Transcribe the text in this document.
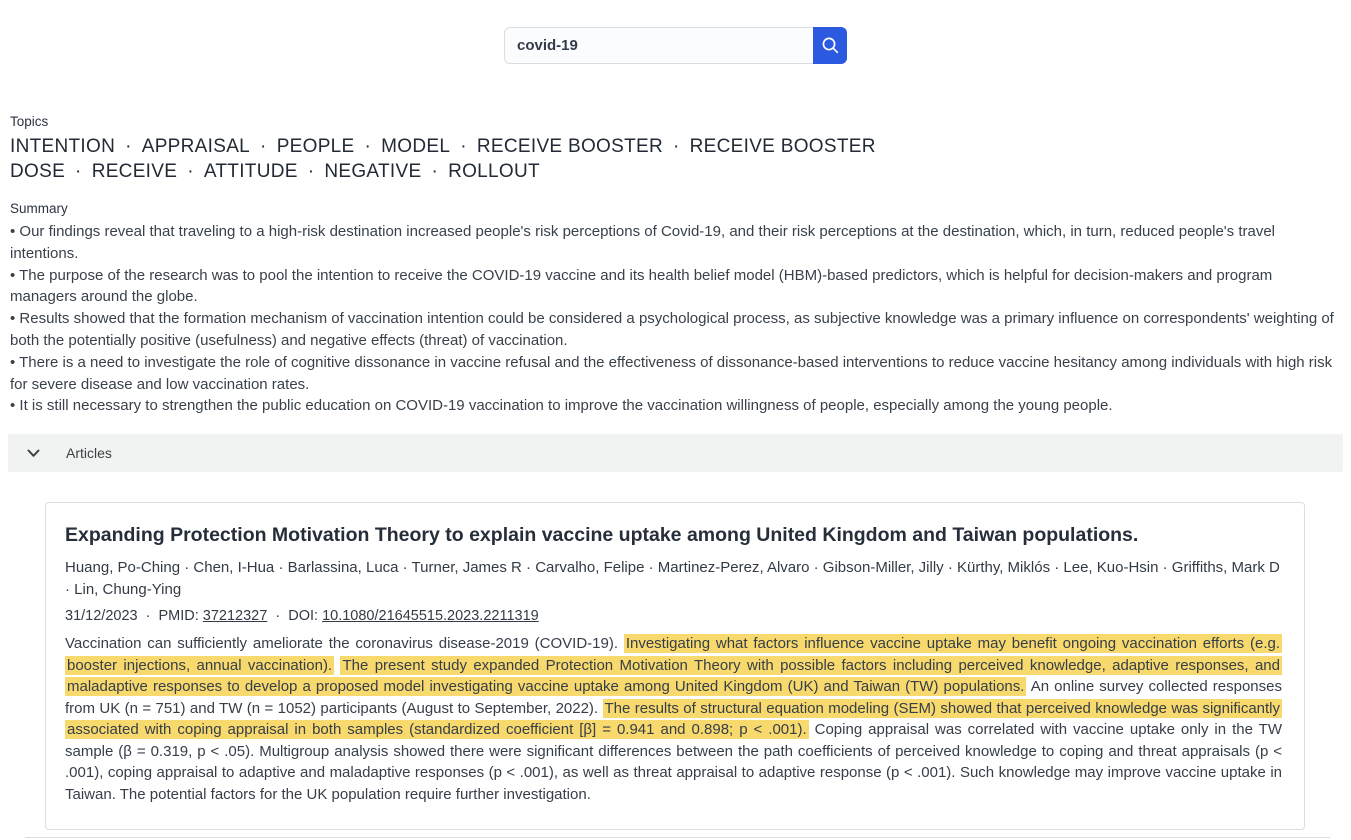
covid-19

Topics

INTENTION · APPRAISAL · PEOPLE · MODEL · RECEIVE BOOSTER · RECEIVE BOOSTER DOSE · RECEIVE · ATTITUDE · NEGATIVE · ROLLOUT

Summary

• Our findings reveal that traveling to a high-risk destination increased people's risk perceptions of Covid-19, and their risk perceptions at the destination, which, in turn, reduced people's travel intentions.
• The purpose of the research was to pool the intention to receive the COVID-19 vaccine and its health belief model (HBM)-based predictors, which is helpful for decision-makers and program managers around the globe.
• Results showed that the formation mechanism of vaccination intention could be considered a psychological process, as subjective knowledge was a primary influence on correspondents' weighting of both the potentially positive (usefulness) and negative effects (threat) of vaccination.
• There is a need to investigate the role of cognitive dissonance in vaccine refusal and the effectiveness of dissonance-based interventions to reduce vaccine hesitancy among individuals with high risk for severe disease and low vaccination rates.
• It is still necessary to strengthen the public education on COVID-19 vaccination to improve the vaccination willingness of people, especially among the young people.
Articles
Expanding Protection Motivation Theory to explain vaccine uptake among United Kingdom and Taiwan populations.

Huang, Po-Ching · Chen, I-Hua · Barlassina, Luca · Turner, James R · Carvalho, Felipe · Martinez-Perez, Alvaro · Gibson-Miller, Jilly · Kürthy, Miklós · Lee, Kuo-Hsin · Griffiths, Mark D · Lin, Chung-Ying

31/12/2023 · PMID: 37212327 · DOI: 10.1080/21645515.2023.2211319

Vaccination can sufficiently ameliorate the coronavirus disease-2019 (COVID-19). Investigating what factors influence vaccine uptake may benefit ongoing vaccination efforts (e.g. booster injections, annual vaccination). The present study expanded Protection Motivation Theory with possible factors including perceived knowledge, adaptive responses, and maladaptive responses to develop a proposed model investigating vaccine uptake among United Kingdom (UK) and Taiwan (TW) populations. An online survey collected responses from UK (n = 751) and TW (n = 1052) participants (August to September, 2022). The results of structural equation modeling (SEM) showed that perceived knowledge was significantly associated with coping appraisal in both samples (standardized coefficient [β] = 0.941 and 0.898; p < .001). Coping appraisal was correlated with vaccine uptake only in the TW sample (β = 0.319, p < .05). Multigroup analysis showed there were significant differences between the path coefficients of perceived knowledge to coping and threat appraisals (p < .001), coping appraisal to adaptive and maladaptive responses (p < .001), as well as threat appraisal to adaptive response (p < .001). Such knowledge may improve vaccine uptake in Taiwan. The potential factors for the UK population require further investigation.
